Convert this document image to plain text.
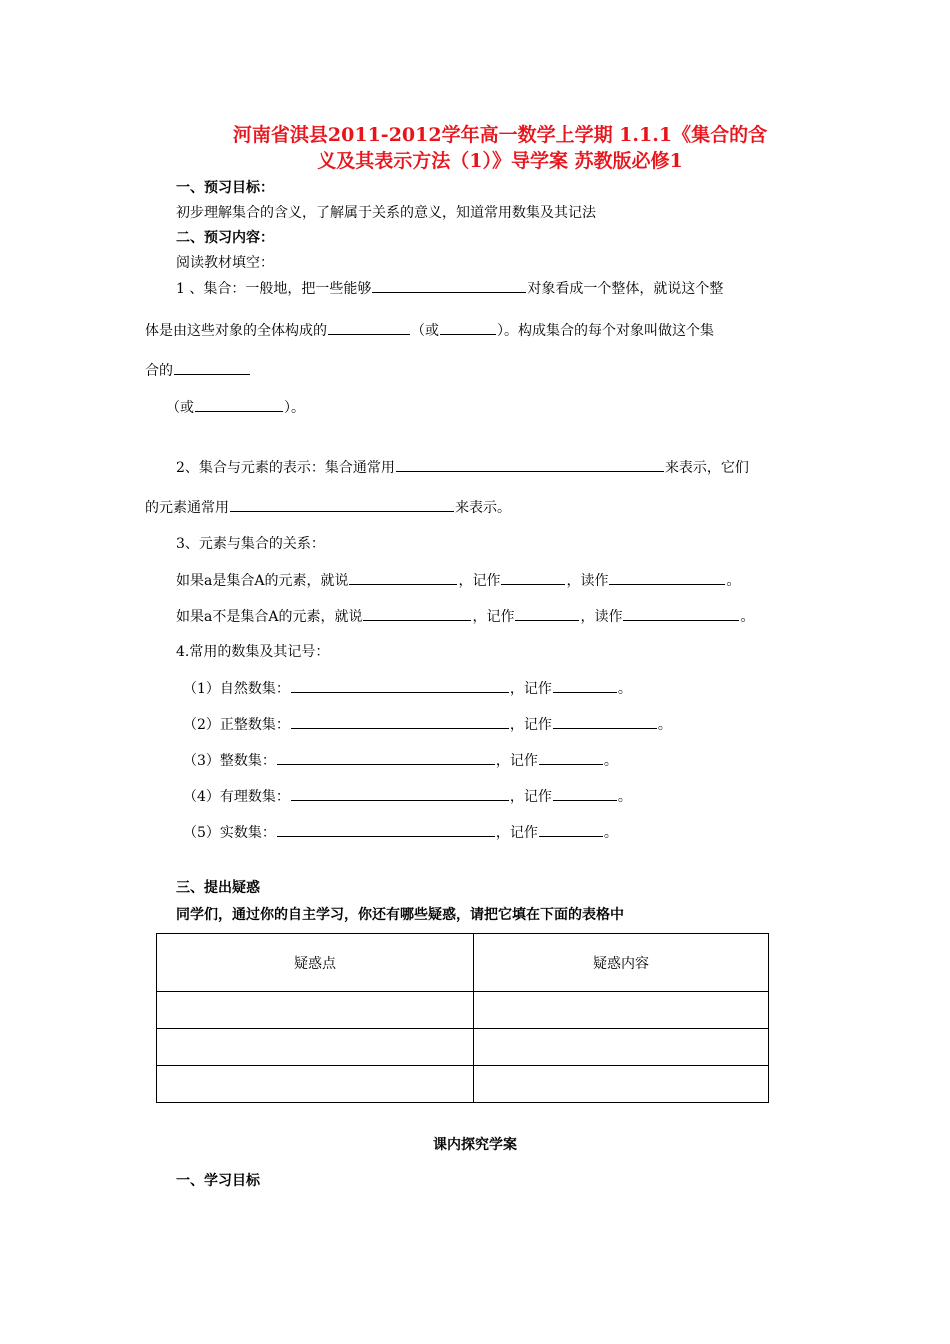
河南省淇县2011-2012学年高一数学上学期 1.1.1《集合的含
义及其表示方法（1）》导学案 苏教版必修1
一、预习目标：
初步理解集合的含义，了解属于关系的意义，知道常用数集及其记法
二、预习内容：
阅读教材填空：
1 、集合：一般地，把一些能够	对象看成一个整体，就说这个整
体是由这些对象的全体构成的	（或	）。构成集合的每个对象叫做这个集
合的
（或	）。
2、集合与元素的表示：集合通常用	来表示，它们
的元素通常用	来表示。
3、元素与集合的关系：
如果a是集合A的元素，就说	，记作	，读作	。
如果a不是集合A的元素，就说	，记作	，读作	。
4.常用的数集及其记号：
（1）自然数集：	，记作	。
（2）正整数集：	，记作	。
（3）整数集：	，记作	。
（4）有理数集：	，记作	。
（5）实数集：	，记作	。
三、提出疑惑
同学们，通过你的自主学习，你还有哪些疑惑，请把它填在下面的表格中
疑惑点	疑惑内容

课内探究学案
一、学习目标
